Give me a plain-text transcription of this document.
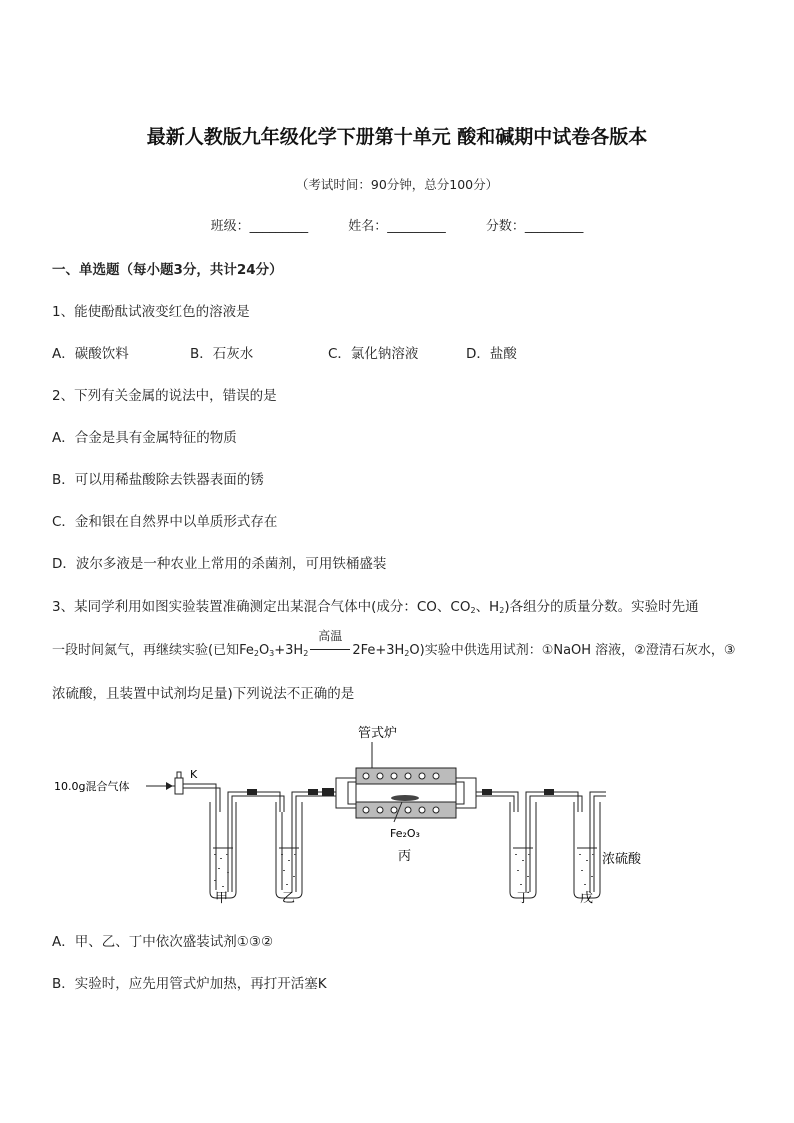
最新人教版九年级化学下册第十单元 酸和碱期中试卷各版本
（考试时间：90分钟，总分100分）
班级：_________	姓名：_________	分数：_________
一、单选题（每小题3分，共计24分）
1、能使酚酞试液变红色的溶液是
A．碳酸饮料	B．石灰水	C．氯化钠溶液	D．盐酸
2、下列有关金属的说法中，错误的是
A．合金是具有金属特征的物质
B．可以用稀盐酸除去铁器表面的锈
C．金和银在自然界中以单质形式存在
D．波尔多液是一种农业上常用的杀菌剂，可用铁桶盛装
3、某同学利用如图实验装置准确测定出某混合气体中(成分：CO、$CO_2$、$H_2$)各组分的质量分数。实验时先通
一段时间氮气，再继续实验(已知$Fe_2O_3+3H_2$
高温
$2Fe+3H_2O$)实验中供选用试剂：①NaOH 溶液，②澄清石灰水，③
浓硫酸，且装置中试剂均足量)下列说法不正确的是
管式炉
10.0g混合气体
K
甲	乙
Fe₂O₃
丙
丁	戊
浓硫酸
A．甲、乙、丁中依次盛装试剂①③②
B．实验时，应先用管式炉加热，再打开活塞K
